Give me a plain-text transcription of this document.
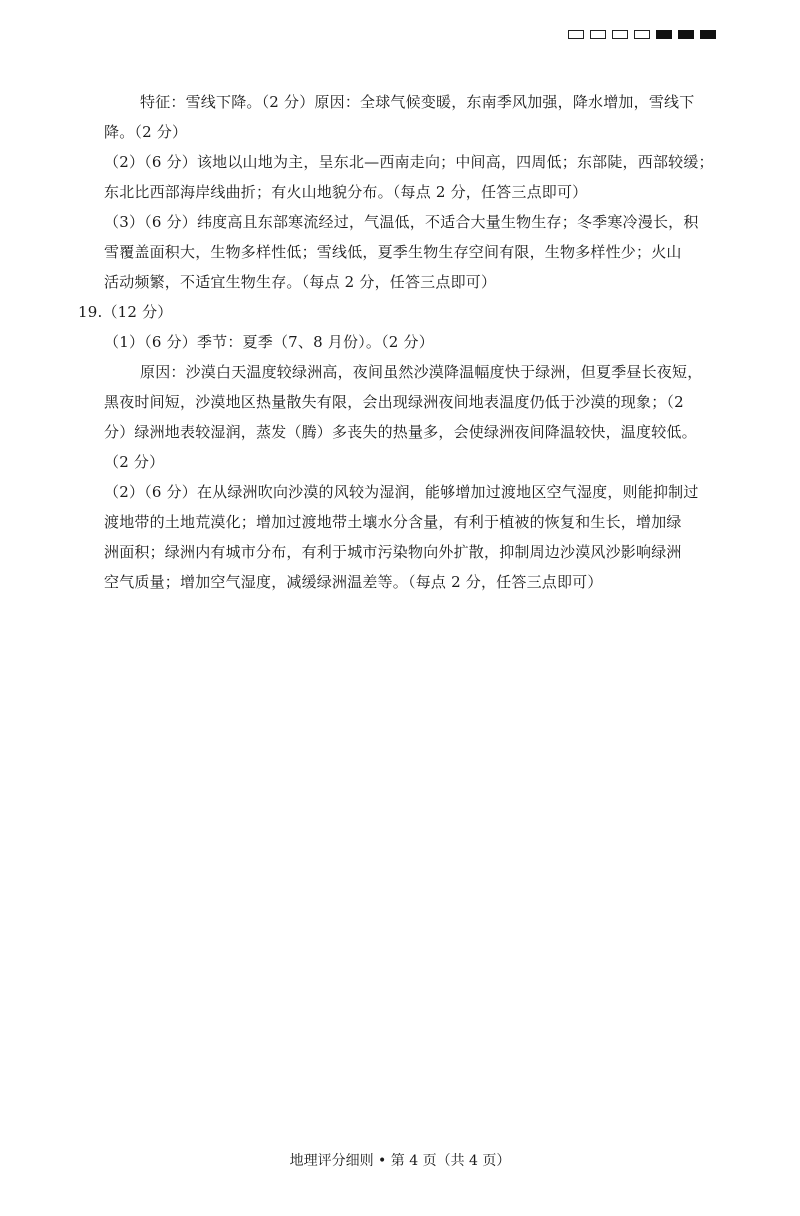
特征：雪线下降。（2 分）原因：全球气候变暖，东南季风加强，降水增加，雪线下
降。（2 分）
（2）（6 分）该地以山地为主，呈东北—西南走向；中间高，四周低；东部陡，西部较缓；
东北比西部海岸线曲折；有火山地貌分布。（每点 2 分，任答三点即可）
（3）（6 分）纬度高且东部寒流经过，气温低，不适合大量生物生存；冬季寒冷漫长，积
雪覆盖面积大，生物多样性低；雪线低，夏季生物生存空间有限，生物多样性少；火山
活动频繁，不适宜生物生存。（每点 2 分，任答三点即可）
19.（12 分）
（1）（6 分）季节：夏季（7、8 月份）。（2 分）
原因：沙漠白天温度较绿洲高，夜间虽然沙漠降温幅度快于绿洲，但夏季昼长夜短，
黑夜时间短，沙漠地区热量散失有限，会出现绿洲夜间地表温度仍低于沙漠的现象；（2
分）绿洲地表较湿润，蒸发（腾）多丧失的热量多，会使绿洲夜间降温较快，温度较低。
（2 分）
（2）（6 分）在从绿洲吹向沙漠的风较为湿润，能够增加过渡地区空气湿度，则能抑制过
渡地带的土地荒漠化；增加过渡地带土壤水分含量，有利于植被的恢复和生长，增加绿
洲面积；绿洲内有城市分布，有利于城市污染物向外扩散，抑制周边沙漠风沙影响绿洲
空气质量；增加空气湿度，减缓绿洲温差等。（每点 2 分，任答三点即可）
地理评分细则 • 第 4 页（共 4 页）
